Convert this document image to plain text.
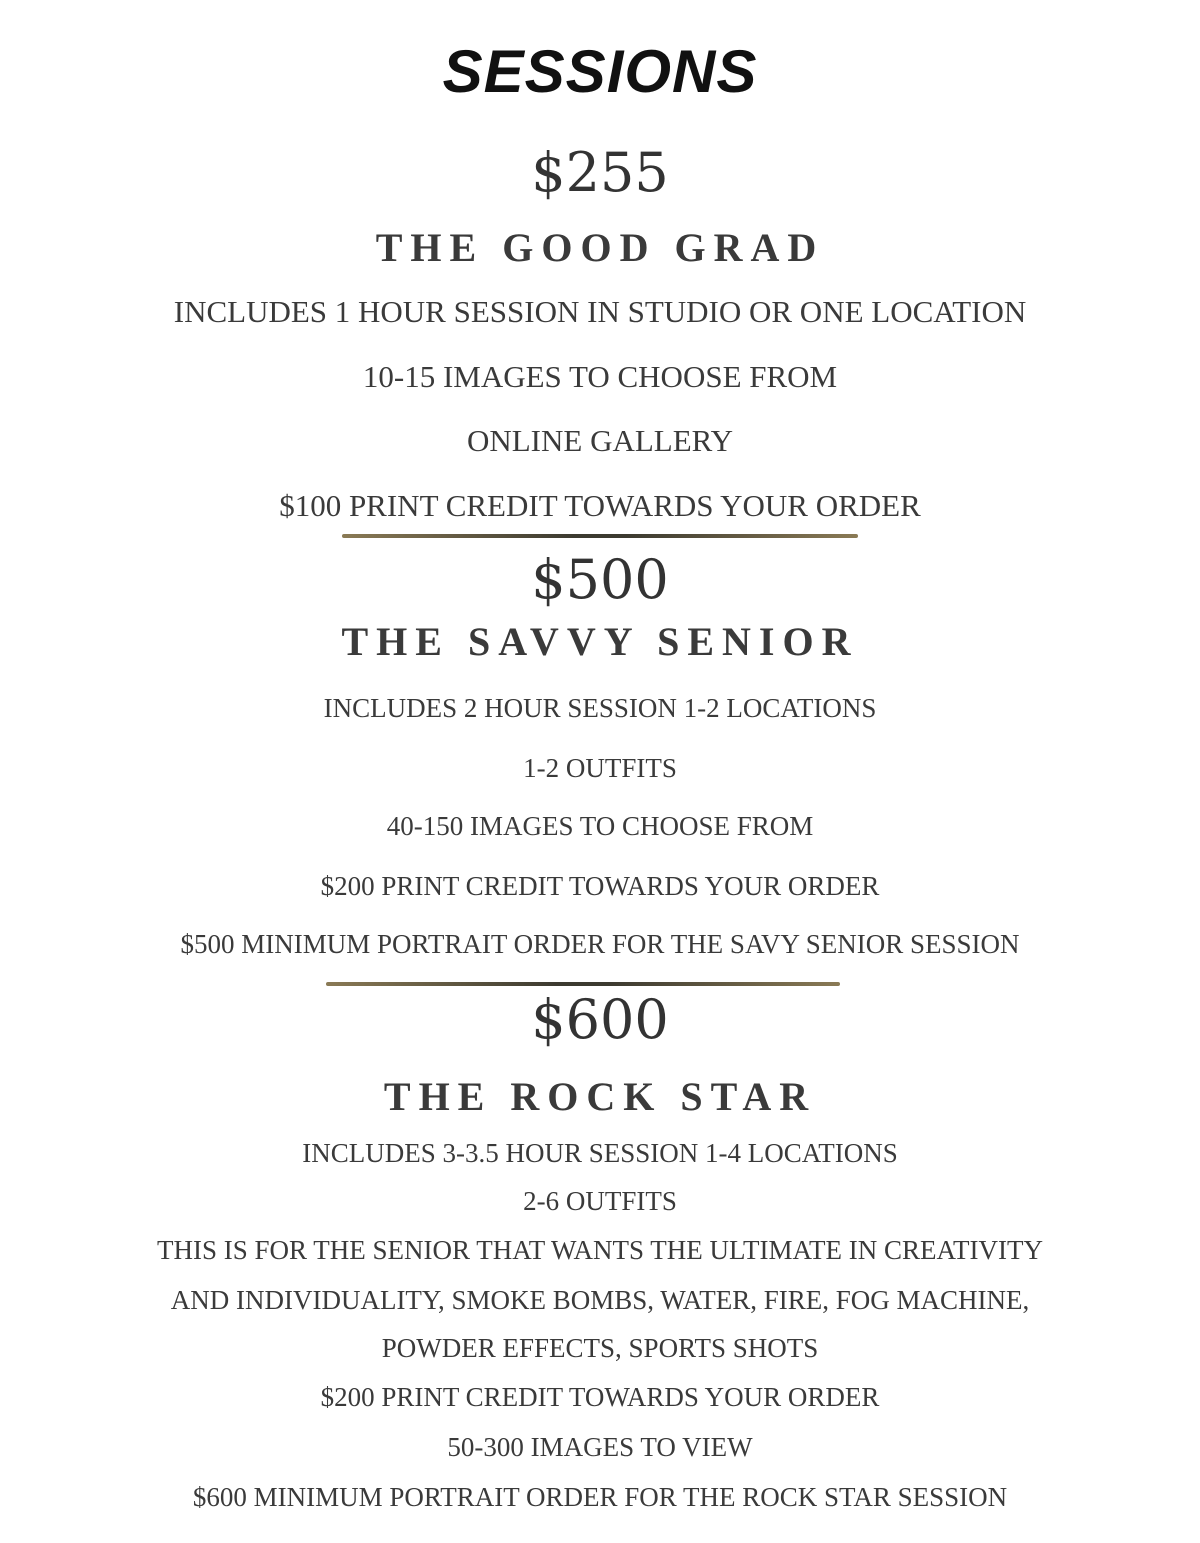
SESSIONS
$255
THE GOOD GRAD
INCLUDES 1 HOUR SESSION IN STUDIO OR ONE LOCATION
10-15 IMAGES TO CHOOSE FROM
ONLINE GALLERY
$100 PRINT CREDIT TOWARDS YOUR ORDER
$500
THE SAVVY SENIOR
INCLUDES 2 HOUR SESSION 1-2 LOCATIONS
1-2 OUTFITS
40-150 IMAGES TO CHOOSE FROM
$200 PRINT CREDIT TOWARDS YOUR ORDER
$500 MINIMUM PORTRAIT ORDER FOR THE SAVY SENIOR SESSION
$600
THE ROCK STAR
INCLUDES 3-3.5 HOUR SESSION 1-4 LOCATIONS
2-6 OUTFITS
THIS IS FOR THE SENIOR THAT WANTS THE ULTIMATE IN CREATIVITY
AND INDIVIDUALITY, SMOKE BOMBS, WATER, FIRE, FOG MACHINE,
POWDER EFFECTS, SPORTS SHOTS
$200 PRINT CREDIT TOWARDS YOUR ORDER
50-300 IMAGES TO VIEW
$600 MINIMUM PORTRAIT ORDER FOR THE ROCK STAR SESSION
